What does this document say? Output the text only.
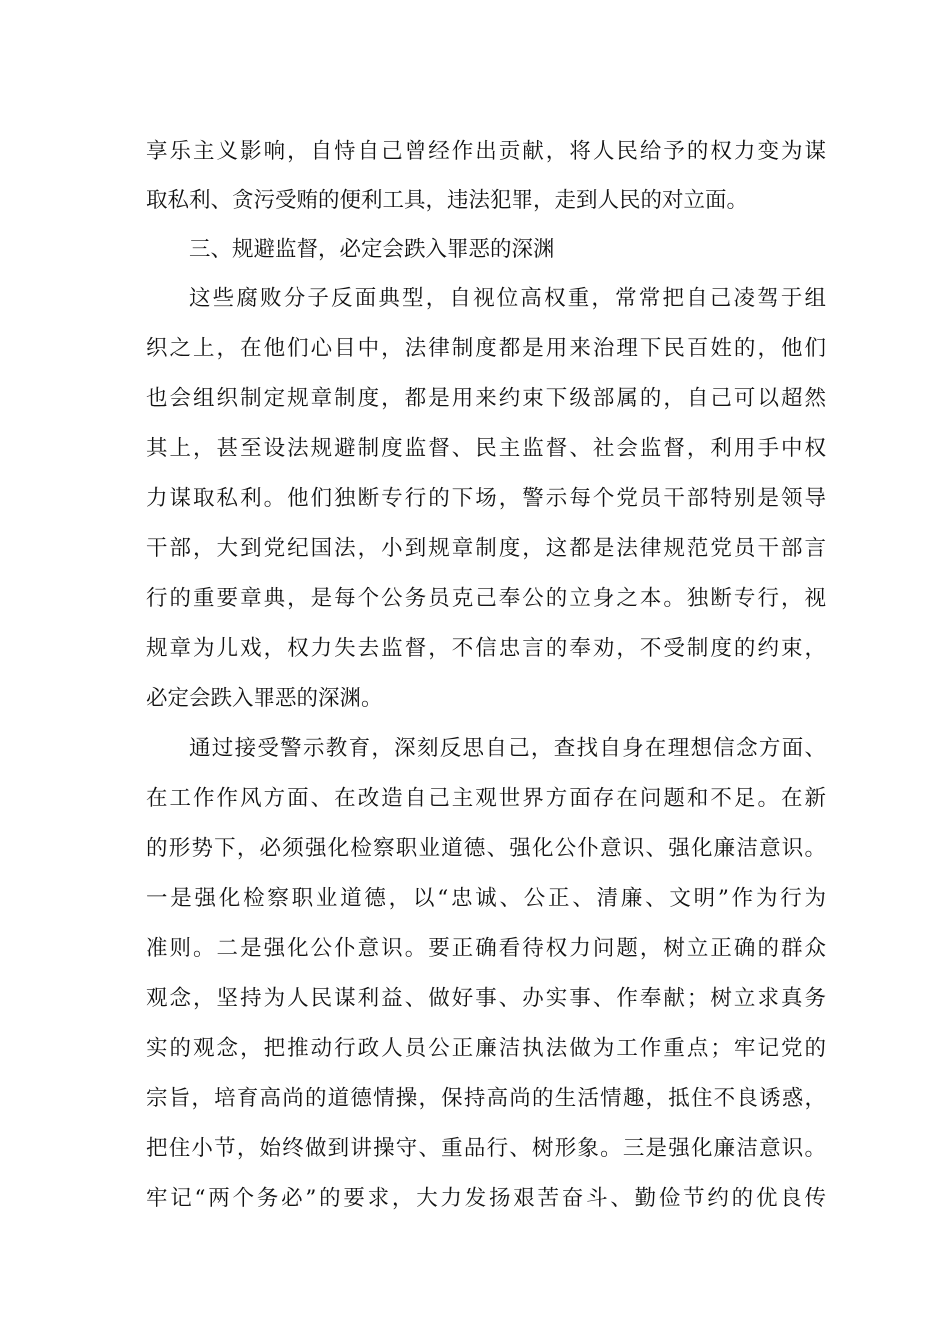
享乐主义影响，自恃自己曾经作出贡献，将人民给予的权力变为谋
取私利、贪污受贿的便利工具，违法犯罪，走到人民的对立面。
三、规避监督，必定会跌入罪恶的深渊
这些腐败分子反面典型，自视位高权重，常常把自己凌驾于组
织之上，在他们心目中，法律制度都是用来治理下民百姓的，他们
也会组织制定规章制度，都是用来约束下级部属的，自己可以超然
其上，甚至设法规避制度监督、民主监督、社会监督，利用手中权
力谋取私利。他们独断专行的下场，警示每个党员干部特别是领导
干部，大到党纪国法，小到规章制度，这都是法律规范党员干部言
行的重要章典，是每个公务员克己奉公的立身之本。独断专行，视
规章为儿戏，权力失去监督，不信忠言的奉劝，不受制度的约束，
必定会跌入罪恶的深渊。
通过接受警示教育，深刻反思自己，查找自身在理想信念方面、
在工作作风方面、在改造自己主观世界方面存在问题和不足。在新
的形势下，必须强化检察职业道德、强化公仆意识、强化廉洁意识。
一是强化检察职业道德，以“忠诚、公正、清廉、文明”作为行为
准则。二是强化公仆意识。要正确看待权力问题，树立正确的群众
观念，坚持为人民谋利益、做好事、办实事、作奉献；树立求真务
实的观念，把推动行政人员公正廉洁执法做为工作重点；牢记党的
宗旨，培育高尚的道德情操，保持高尚的生活情趣，抵住不良诱惑，
把住小节，始终做到讲操守、重品行、树形象。三是强化廉洁意识。
牢记“两个务必”的要求，大力发扬艰苦奋斗、勤俭节约的优良传
